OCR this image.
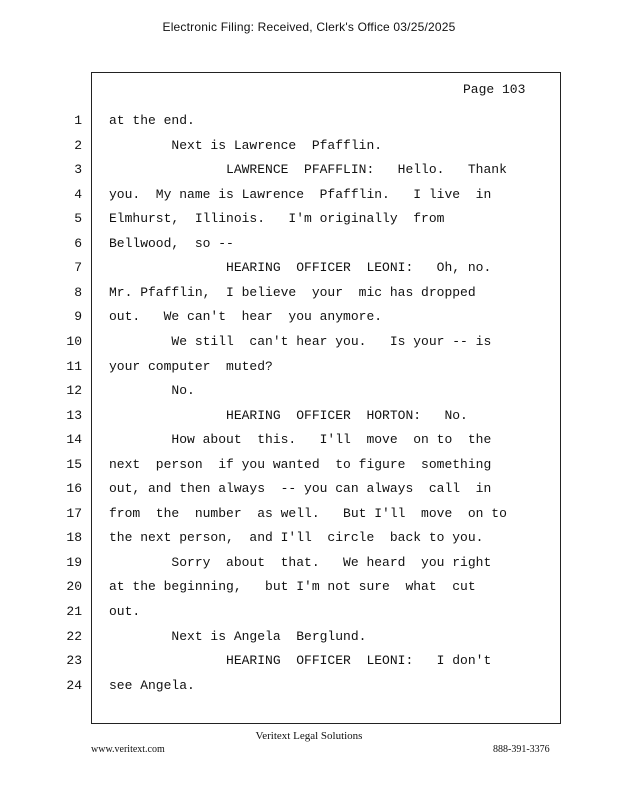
Electronic Filing: Received, Clerk's Office 03/25/2025
Page 103
1 at the end.
2 Next is Lawrence  Pfafflin.
3 LAWRENCE  PFAFFLIN:   Hello.   Thank
4 you.  My name is Lawrence  Pfafflin.   I live  in
5 Elmhurst,  Illinois.   I'm originally  from
6 Bellwood,  so --
7 HEARING  OFFICER  LEONI:   Oh, no.
8 Mr. Pfafflin,  I believe  your  mic has dropped
9 out.   We can't  hear  you anymore.
10 We still  can't hear you.   Is your -- is
11 your computer  muted?
12 No.
13 HEARING  OFFICER  HORTON:   No.
14 How about  this.   I'll  move  on to  the
15 next  person  if you wanted  to figure  something
16 out, and then always  -- you can always  call  in
17 from  the  number  as well.   But I'll  move  on to
18 the next person,  and I'll  circle  back to you.
19 Sorry  about  that.   We heard  you right
20 at the beginning,   but I'm not sure  what  cut
21 out.
22 Next is Angela  Berglund.
23 HEARING  OFFICER  LEONI:   I don't
24 see Angela.
Veritext Legal Solutions
www.veritext.com	888-391-3376
